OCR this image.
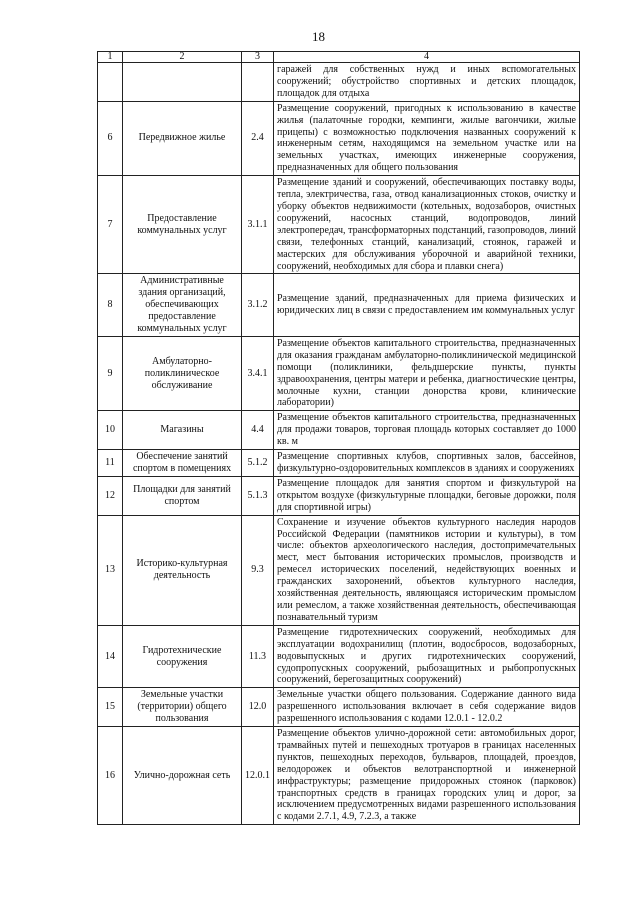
18
1	2	3	4
			гаражей для собственных нужд и иных вспомогательных сооружений; обустройство спортивных и детских площадок, площадок для отдыха
6	Передвижное жилье	2.4	Размещение сооружений, пригодных к использованию в качестве жилья (палаточные городки, кемпинги, жилые вагончики, жилые прицепы) с возможностью подключения названных сооружений к инженерным сетям, находящимся на земельном участке или на земельных участках, имеющих инженерные сооружения, предназначенных для общего пользования
7	Предоставление коммунальных услуг	3.1.1	Размещение зданий и сооружений, обеспечивающих поставку воды, тепла, электричества, газа, отвод канализационных стоков, очистку и уборку объектов недвижимости (котельных, водозаборов, очистных сооружений, насосных станций, водопроводов, линий электропередач, трансформаторных подстанций, газопроводов, линий связи, телефонных станций, канализаций, стоянок, гаражей и мастерских для обслуживания уборочной и аварийной техники, сооружений, необходимых для сбора и плавки снега)
8	Административные здания организаций, обеспечивающих предоставление коммунальных услуг	3.1.2	Размещение зданий, предназначенных для приема физических и юридических лиц в связи с предоставлением им коммунальных услуг
9	Амбулаторно-поликлиническое обслуживание	3.4.1	Размещение объектов капитального строительства, предназначенных для оказания гражданам амбулаторно-поликлинической медицинской помощи (поликлиники, фельдшерские пункты, пункты здравоохранения, центры матери и ребенка, диагностические центры, молочные кухни, станции донорства крови, клинические лаборатории)
10	Магазины	4.4	Размещение объектов капитального строительства, предназначенных для продажи товаров, торговая площадь которых составляет до 1000 кв. м
11	Обеспечение занятий спортом в помещениях	5.1.2	Размещение спортивных клубов, спортивных залов, бассейнов, физкультурно-оздоровительных комплексов в зданиях и сооружениях
12	Площадки для занятий спортом	5.1.3	Размещение площадок для занятия спортом и физкультурой на открытом воздухе (физкультурные площадки, беговые дорожки, поля для спортивной игры)
13	Историко-культурная деятельность	9.3	Сохранение и изучение объектов культурного наследия народов Российской Федерации (памятников истории и культуры), в том числе: объектов археологического наследия, достопримечательных мест, мест бытования исторических промыслов, производств и ремесел исторических поселений, недействующих военных и гражданских захоронений, объектов культурного наследия, хозяйственная деятельность, являющаяся историческим промыслом или ремеслом, а также хозяйственная деятельность, обеспечивающая познавательный туризм
14	Гидротехнические сооружения	11.3	Размещение гидротехнических сооружений, необходимых для эксплуатации водохранилищ (плотин, водосбросов, водозаборных, водовыпускных и других гидротехнических сооружений, судопропускных сооружений, рыбозащитных и рыбопропускных сооружений, берегозащитных сооружений)
15	Земельные участки (территории) общего пользования	12.0	Земельные участки общего пользования. Содержание данного вида разрешенного использования включает в себя содержание видов разрешенного использования с кодами 12.0.1 - 12.0.2
16	Улично-дорожная сеть	12.0.1	Размещение объектов улично-дорожной сети: автомобильных дорог, трамвайных путей и пешеходных тротуаров в границах населенных пунктов, пешеходных переходов, бульваров, площадей, проездов, велодорожек и объектов велотранспортной и инженерной инфраструктуры; размещение придорожных стоянок (парковок) транспортных средств в границах городских улиц и дорог, за исключением предусмотренных видами разрешенного использования с кодами 2.7.1, 4.9, 7.2.3, а также
